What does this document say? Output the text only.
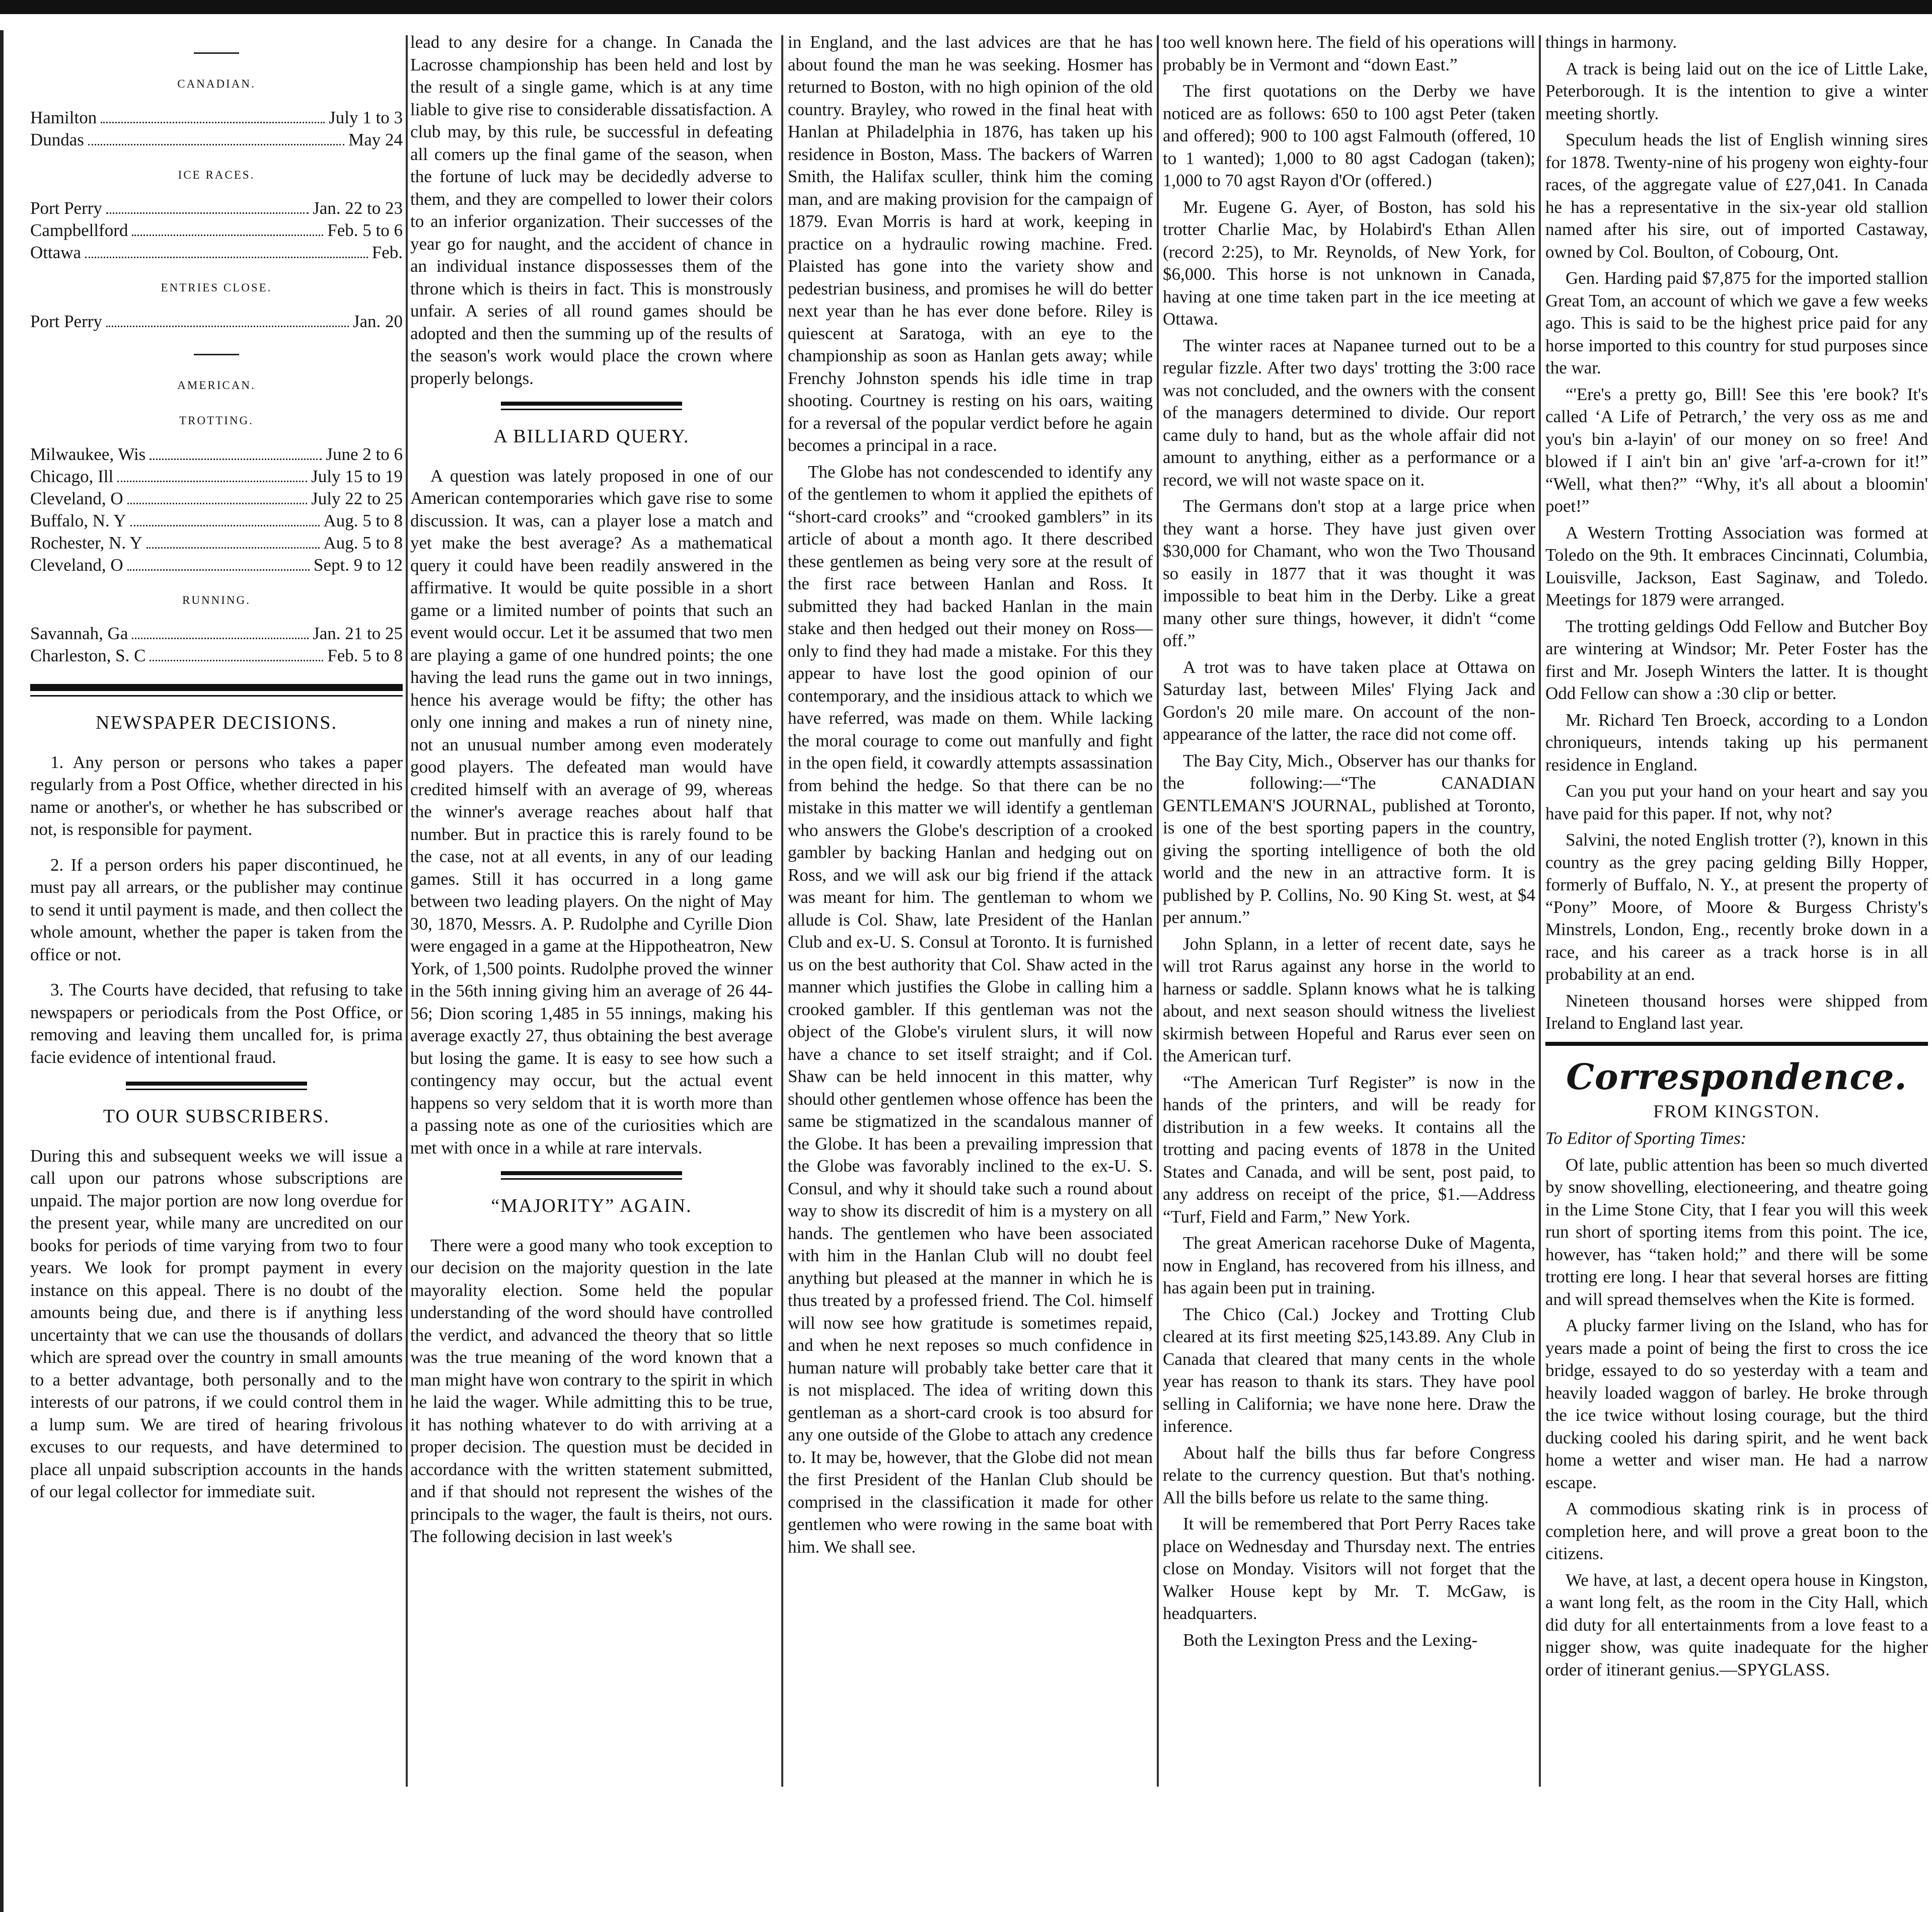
CANADIAN.
Hamilton	July 1 to 3
Dundas	May 24
ICE RACES.
Port Perry	Jan. 22 to 23
Campbellford	Feb. 5 to 6
Ottawa	Feb.
ENTRIES CLOSE.
Port Perry	Jan. 20
AMERICAN.
TROTTING.
Milwaukee, Wis	June 2 to 6
Chicago, Ill	July 15 to 19
Cleveland, O	July 22 to 25
Buffalo, N. Y	Aug. 5 to 8
Rochester, N. Y	Aug. 5 to 8
Cleveland, O	Sept. 9 to 12
RUNNING.
Savannah, Ga	Jan. 21 to 25
Charleston, S. C	Feb. 5 to 8
NEWSPAPER DECISIONS.
1. Any person or persons who takes a paper regularly from a Post Office, whether directed in his name or another's, or whether he has subscribed or not, is responsible for payment.
2. If a person orders his paper discontinued, he must pay all arrears, or the publisher may continue to send it until payment is made, and then collect the whole amount, whether the paper is taken from the office or not.
3. The Courts have decided, that refusing to take newspapers or periodicals from the Post Office, or removing and leaving them uncalled for, is prima facie evidence of intentional fraud.
TO OUR SUBSCRIBERS.

During this and subsequent weeks we will issue a call upon our patrons whose subscriptions are unpaid. The major portion are now long overdue for the present year, while many are uncredited on our books for periods of time varying from two to four years. We look for prompt payment in every instance on this appeal. There is no doubt of the amounts being due, and there is if anything less uncertainty that we can use the thousands of dollars which are spread over the country in small amounts to a better advantage, both personally and to the interests of our patrons, if we could control them in a lump sum. We are tired of hearing frivolous excuses to our requests, and have determined to place all unpaid subscription accounts in the hands of our legal collector for immediate suit.

lead to any desire for a change. In Canada the Lacrosse championship has been held and lost by the result of a single game, which is at any time liable to give rise to considerable dissatisfaction. A club may, by this rule, be successful in defeating all comers up the final game of the season, when the fortune of luck may be decidedly adverse to them, and they are compelled to lower their colors to an inferior organization. Their successes of the year go for naught, and the accident of chance in an individual instance dispossesses them of the throne which is theirs in fact. This is monstrously unfair. A series of all round games should be adopted and then the summing up of the results of the season's work would place the crown where properly belongs.

A BILLIARD QUERY.

A question was lately proposed in one of our American contemporaries which gave rise to some discussion. It was, can a player lose a match and yet make the best average? As a mathematical query it could have been readily answered in the affirmative. It would be quite possible in a short game or a limited number of points that such an event would occur. Let it be assumed that two men are playing a game of one hundred points; the one having the lead runs the game out in two innings, hence his average would be fifty; the other has only one inning and makes a run of ninety nine, not an unusual number among even moderately good players. The defeated man would have credited himself with an average of 99, whereas the winner's average reaches about half that number. But in practice this is rarely found to be the case, not at all events, in any of our leading games. Still it has occurred in a long game between two leading players. On the night of May 30, 1870, Messrs. A. P. Rudolphe and Cyrille Dion were engaged in a game at the Hippotheatron, New York, of 1,500 points. Rudolphe proved the winner in the 56th inning giving him an average of 26 44-56; Dion scoring 1,485 in 55 innings, making his average exactly 27, thus obtaining the best average but losing the game. It is easy to see how such a contingency may occur, but the actual event happens so very seldom that it is worth more than a passing note as one of the curiosities which are met with once in a while at rare intervals.

“MAJORITY” AGAIN.

There were a good many who took exception to our decision on the majority question in the late mayorality election. Some held the popular understanding of the word should have controlled the verdict, and advanced the theory that so little was the true meaning of the word known that a man might have won contrary to the spirit in which he laid the wager. While admitting this to be true, it has nothing whatever to do with arriving at a proper decision. The question must be decided in accordance with the written statement submitted, and if that should not represent the wishes of the principals to the wager, the fault is theirs, not ours. The following decision in last week's

in England, and the last advices are that he has about found the man he was seeking. Hosmer has returned to Boston, with no high opinion of the old country. Brayley, who rowed in the final heat with Hanlan at Philadelphia in 1876, has taken up his residence in Boston, Mass. The backers of Warren Smith, the Halifax sculler, think him the coming man, and are making provision for the campaign of 1879. Evan Morris is hard at work, keeping in practice on a hydraulic rowing machine. Fred. Plaisted has gone into the variety show and pedestrian business, and promises he will do better next year than he has ever done before. Riley is quiescent at Saratoga, with an eye to the championship as soon as Hanlan gets away; while Frenchy Johnston spends his idle time in trap shooting. Courtney is resting on his oars, waiting for a reversal of the popular verdict before he again becomes a principal in a race.

The Globe has not condescended to identify any of the gentlemen to whom it applied the epithets of “short-card crooks” and “crooked gamblers” in its article of about a month ago. It there described these gentlemen as being very sore at the result of the first race between Hanlan and Ross. It submitted they had backed Hanlan in the main stake and then hedged out their money on Ross—only to find they had made a mistake. For this they appear to have lost the good opinion of our contemporary, and the insidious attack to which we have referred, was made on them. While lacking the moral courage to come out manfully and fight in the open field, it cowardly attempts assassination from behind the hedge. So that there can be no mistake in this matter we will identify a gentleman who answers the Globe's description of a crooked gambler by backing Hanlan and hedging out on Ross, and we will ask our big friend if the attack was meant for him. The gentleman to whom we allude is Col. Shaw, late President of the Hanlan Club and ex-U. S. Consul at Toronto. It is furnished us on the best authority that Col. Shaw acted in the manner which justifies the Globe in calling him a crooked gambler. If this gentleman was not the object of the Globe's virulent slurs, it will now have a chance to set itself straight; and if Col. Shaw can be held innocent in this matter, why should other gentlemen whose offence has been the same be stigmatized in the scandalous manner of the Globe. It has been a prevailing impression that the Globe was favorably inclined to the ex-U. S. Consul, and why it should take such a round about way to show its discredit of him is a mystery on all hands. The gentlemen who have been associated with him in the Hanlan Club will no doubt feel anything but pleased at the manner in which he is thus treated by a professed friend. The Col. himself will now see how gratitude is sometimes repaid, and when he next reposes so much confidence in human nature will probably take better care that it is not misplaced. The idea of writing down this gentleman as a short-card crook is too absurd for any one outside of the Globe to attach any credence to. It may be, however, that the Globe did not mean the first President of the Hanlan Club should be comprised in the classification it made for other gentlemen who were rowing in the same boat with him. We shall see.

too well known here. The field of his operations will probably be in Vermont and “down East.”

The first quotations on the Derby we have noticed are as follows: 650 to 100 agst Peter (taken and offered); 900 to 100 agst Falmouth (offered, 10 to 1 wanted); 1,000 to 80 agst Cadogan (taken); 1,000 to 70 agst Rayon d'Or (offered.)

Mr. Eugene G. Ayer, of Boston, has sold his trotter Charlie Mac, by Holabird's Ethan Allen (record 2:25), to Mr. Reynolds, of New York, for $6,000. This horse is not unknown in Canada, having at one time taken part in the ice meeting at Ottawa.

The winter races at Napanee turned out to be a regular fizzle. After two days' trotting the 3:00 race was not concluded, and the owners with the consent of the managers determined to divide. Our report came duly to hand, but as the whole affair did not amount to anything, either as a performance or a record, we will not waste space on it.

The Germans don't stop at a large price when they want a horse. They have just given over $30,000 for Chamant, who won the Two Thousand so easily in 1877 that it was thought it was impossible to beat him in the Derby. Like a great many other sure things, however, it didn't “come off.”

A trot was to have taken place at Ottawa on Saturday last, between Miles' Flying Jack and Gordon's 20 mile mare. On account of the non-appearance of the latter, the race did not come off.

The Bay City, Mich., Observer has our thanks for the following:—“The CANADIAN GENTLEMAN'S JOURNAL, published at Toronto, is one of the best sporting papers in the country, giving the sporting intelligence of both the old world and the new in an attractive form. It is published by P. Collins, No. 90 King St. west, at $4 per annum.”

John Splann, in a letter of recent date, says he will trot Rarus against any horse in the world to harness or saddle. Splann knows what he is talking about, and next season should witness the liveliest skirmish between Hopeful and Rarus ever seen on the American turf.

“The American Turf Register” is now in the hands of the printers, and will be ready for distribution in a few weeks. It contains all the trotting and pacing events of 1878 in the United States and Canada, and will be sent, post paid, to any address on receipt of the price, $1.—Address “Turf, Field and Farm,” New York.

The great American racehorse Duke of Magenta, now in England, has recovered from his illness, and has again been put in training.

The Chico (Cal.) Jockey and Trotting Club cleared at its first meeting $25,143.89. Any Club in Canada that cleared that many cents in the whole year has reason to thank its stars. They have pool selling in California; we have none here. Draw the inference.

About half the bills thus far before Congress relate to the currency question. But that's nothing. All the bills before us relate to the same thing.

It will be remembered that Port Perry Races take place on Wednesday and Thursday next. The entries close on Monday. Visitors will not forget that the Walker House kept by Mr. T. McGaw, is headquarters.

Both the Lexington Press and the Lexing-

things in harmony.

A track is being laid out on the ice of Little Lake, Peterborough. It is the intention to give a winter meeting shortly.

Speculum heads the list of English winning sires for 1878. Twenty-nine of his progeny won eighty-four races, of the aggregate value of £27,041. In Canada he has a representative in the six-year old stallion named after his sire, out of imported Castaway, owned by Col. Boulton, of Cobourg, Ont.

Gen. Harding paid $7,875 for the imported stallion Great Tom, an account of which we gave a few weeks ago. This is said to be the highest price paid for any horse imported to this country for stud purposes since the war.

“'Ere's a pretty go, Bill! See this 'ere book? It's called ‘A Life of Petrarch,’ the very oss as me and you's bin a-layin' of our money on so free! And blowed if I ain't bin an' give 'arf-a-crown for it!” “Well, what then?” “Why, it's all about a bloomin' poet!”

A Western Trotting Association was formed at Toledo on the 9th. It embraces Cincinnati, Columbia, Louisville, Jackson, East Saginaw, and Toledo. Meetings for 1879 were arranged.

The trotting geldings Odd Fellow and Butcher Boy are wintering at Windsor; Mr. Peter Foster has the first and Mr. Joseph Winters the latter. It is thought Odd Fellow can show a :30 clip or better.

Mr. Richard Ten Broeck, according to a London chroniqueurs, intends taking up his permanent residence in England.

Can you put your hand on your heart and say you have paid for this paper. If not, why not?

Salvini, the noted English trotter (?), known in this country as the grey pacing gelding Billy Hopper, formerly of Buffalo, N. Y., at present the property of “Pony” Moore, of Moore & Burgess Christy's Minstrels, London, Eng., recently broke down in a race, and his career as a track horse is in all probability at an end.

Nineteen thousand horses were shipped from Ireland to England last year.

Correspondence.
FROM KINGSTON.

To Editor of Sporting Times:

Of late, public attention has been so much diverted by snow shovelling, electioneering, and theatre going in the Lime Stone City, that I fear you will this week run short of sporting items from this point. The ice, however, has “taken hold;” and there will be some trotting ere long. I hear that several horses are fitting and will spread themselves when the Kite is formed.

A plucky farmer living on the Island, who has for years made a point of being the first to cross the ice bridge, essayed to do so yesterday with a team and heavily loaded waggon of barley. He broke through the ice twice without losing courage, but the third ducking cooled his daring spirit, and he went back home a wetter and wiser man. He had a narrow escape.

A commodious skating rink is in process of completion here, and will prove a great boon to the citizens.

We have, at last, a decent opera house in Kingston, a want long felt, as the room in the City Hall, which did duty for all entertainments from a love feast to a nigger show, was quite inadequate for the higher order of itinerant genius.—SPYGLASS.
